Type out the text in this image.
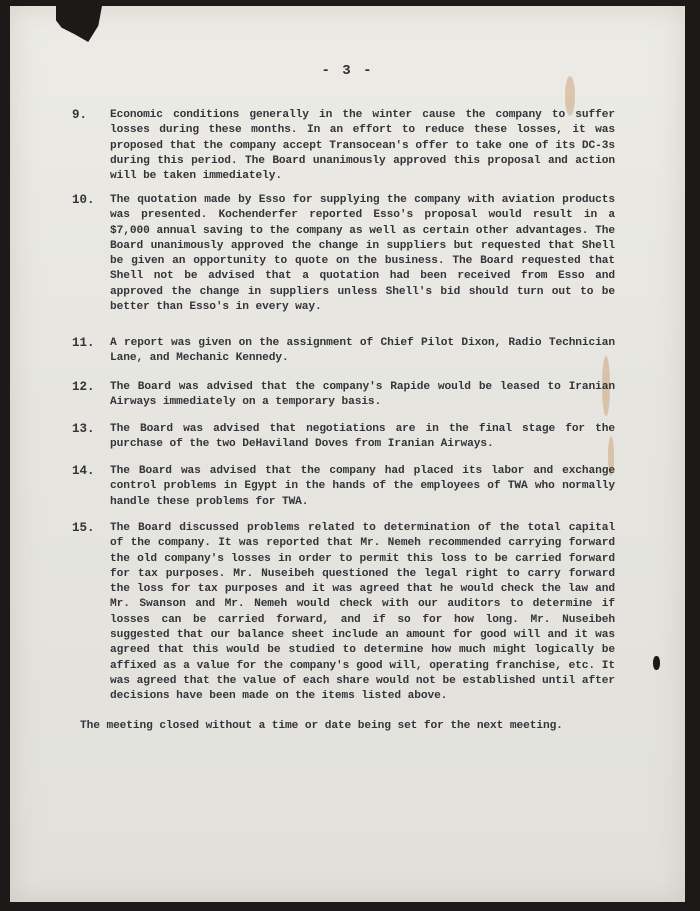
- 3 -
9. Economic conditions generally in the winter cause the company to suffer losses during these months. In an effort to reduce these losses, it was proposed that the company accept Transocean's offer to take one of its DC-3s during this period. The Board unanimously approved this proposal and action will be taken immediately.
10. The quotation made by Esso for supplying the company with aviation products was presented. Kochenderfer reported Esso's proposal would result in a $7,000 annual saving to the company as well as certain other advantages. The Board unanimously approved the change in suppliers but requested that Shell be given an opportunity to quote on the business. The Board requested that Shell not be advised that a quotation had been received from Esso and approved the change in suppliers unless Shell's bid should turn out to be better than Esso's in every way.
11. A report was given on the assignment of Chief Pilot Dixon, Radio Technician Lane, and Mechanic Kennedy.
12. The Board was advised that the company's Rapide would be leased to Iranian Airways immediately on a temporary basis.
13. The Board was advised that negotiations are in the final stage for the purchase of the two DeHaviland Doves from Iranian Airways.
14. The Board was advised that the company had placed its labor and exchange control problems in Egypt in the hands of the employees of TWA who normally handle these problems for TWA.
15. The Board discussed problems related to determination of the total capital of the company. It was reported that Mr. Nemeh recommended carrying forward the old company's losses in order to permit this loss to be carried forward for tax purposes. Mr. Nuseibeh questioned the legal right to carry forward the loss for tax purposes and it was agreed that he would check the law and Mr. Swanson and Mr. Nemeh would check with our auditors to determine if losses can be carried forward, and if so for how long. Mr. Nuseibeh suggested that our balance sheet include an amount for good will and it was agreed that this would be studied to determine how much might logically be affixed as a value for the company's good will, operating franchise, etc. It was agreed that the value of each share would not be established until after decisions have been made on the items listed above.
The meeting closed without a time or date being set for the next meeting.
